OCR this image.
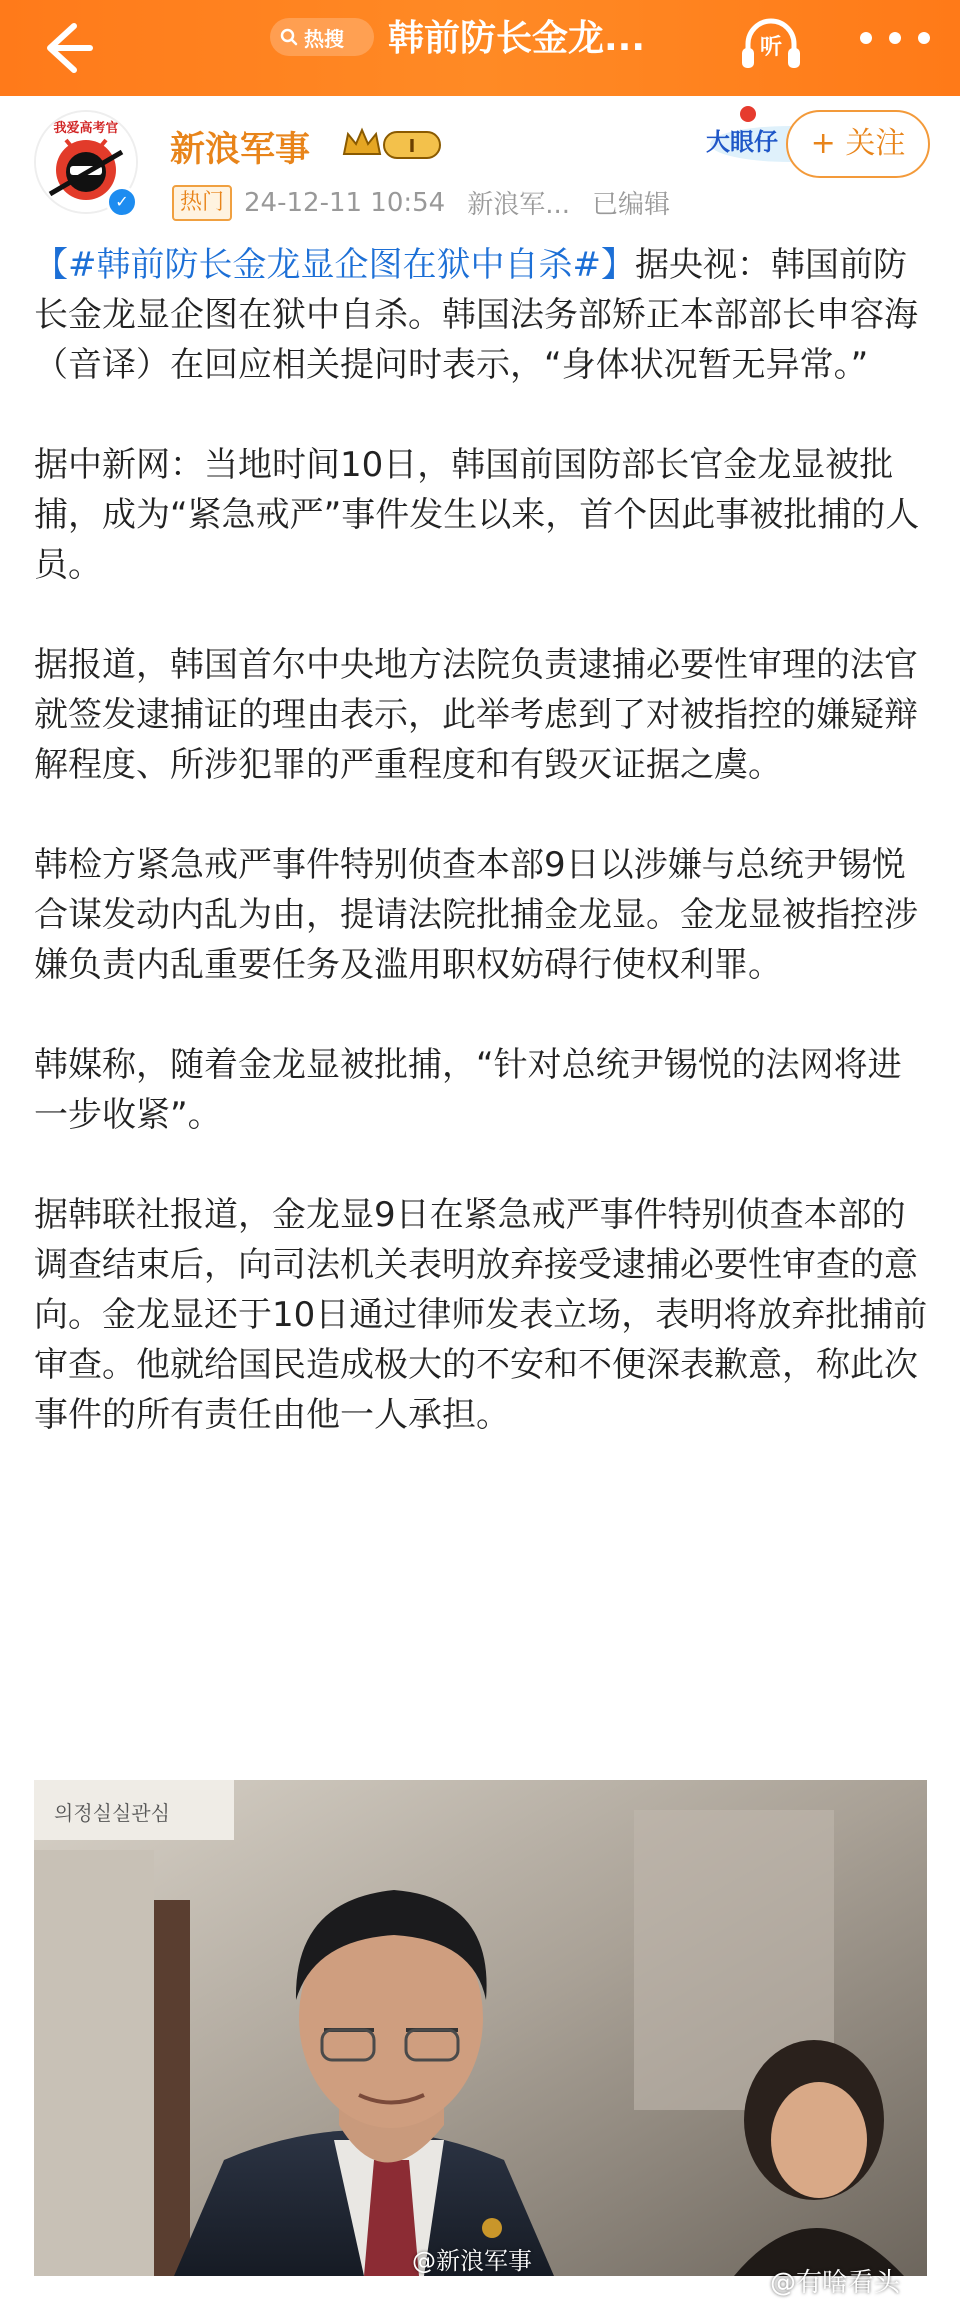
热搜 韩前防长金龙...	听
我爱高考官
✓
新浪军事	I
热门 24-12-11 10:54 新浪军... 已编辑
大眼仔	+ 关注

【#韩前防长金龙显企图在狱中自杀#】据央视：韩国前防长金龙显企图在狱中自杀。韩国法务部矫正本部部长申容海（音译）在回应相关提问时表示，“身体状况暂无异常。”

据中新网：当地时间10日，韩国前国防部长官金龙显被批捕，成为“紧急戒严”事件发生以来，首个因此事被批捕的人员。

据报道，韩国首尔中央地方法院负责逮捕必要性审理的法官就签发逮捕证的理由表示，此举考虑到了对被指控的嫌疑辩解程度、所涉犯罪的严重程度和有毁灭证据之虞。

韩检方紧急戒严事件特别侦查本部9日以涉嫌与总统尹锡悦合谋发动内乱为由，提请法院批捕金龙显。金龙显被指控涉嫌负责内乱重要任务及滥用职权妨碍行使权利罪。

韩媒称，随着金龙显被批捕，“针对总统尹锡悦的法网将进一步收紧”。

据韩联社报道，金龙显9日在紧急戒严事件特别侦查本部的调查结束后，向司法机关表明放弃接受逮捕必要性审查的意向。金龙显还于10日通过律师发表立场，表明将放弃批捕前审查。他就给国民造成极大的不安和不便深表歉意，称此次事件的所有责任由他一人承担。

의정실실관심
@新浪军事
@有啥看头
